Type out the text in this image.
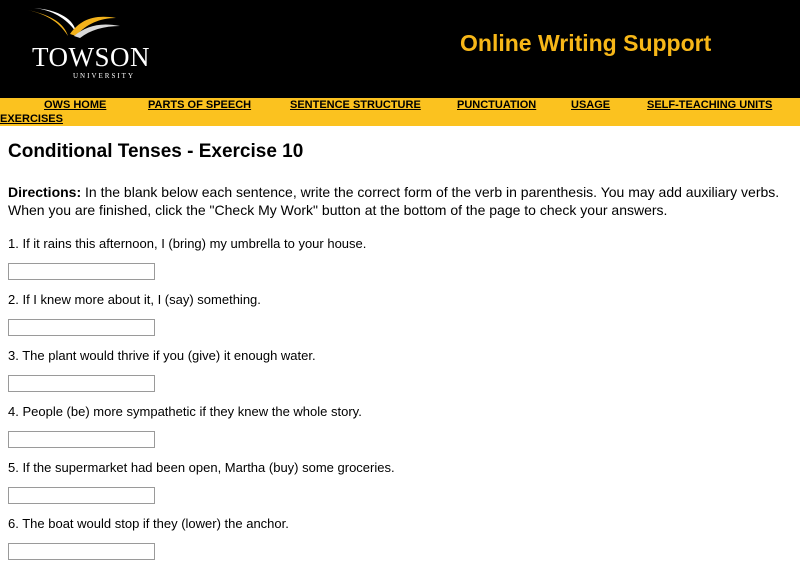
TOWSON
UNIVERSITY
Online Writing Support
OWS HOME	PARTS OF SPEECH	SENTENCE STRUCTURE	PUNCTUATION	USAGE	SELF-TEACHING UNITS
EXERCISES
Conditional Tenses - Exercise 10

Directions: In the blank below each sentence, write the correct form of the verb in parenthesis. You may add auxiliary verbs. When you are finished, click the "Check My Work" button at the bottom of the page to check your answers.

1. If it rains this afternoon, I (bring) my umbrella to your house.

2. If I knew more about it, I (say) something.

3. The plant would thrive if you (give) it enough water.

4. People (be) more sympathetic if they knew the whole story.

5. If the supermarket had been open, Martha (buy) some groceries.

6. The boat would stop if they (lower) the anchor.
